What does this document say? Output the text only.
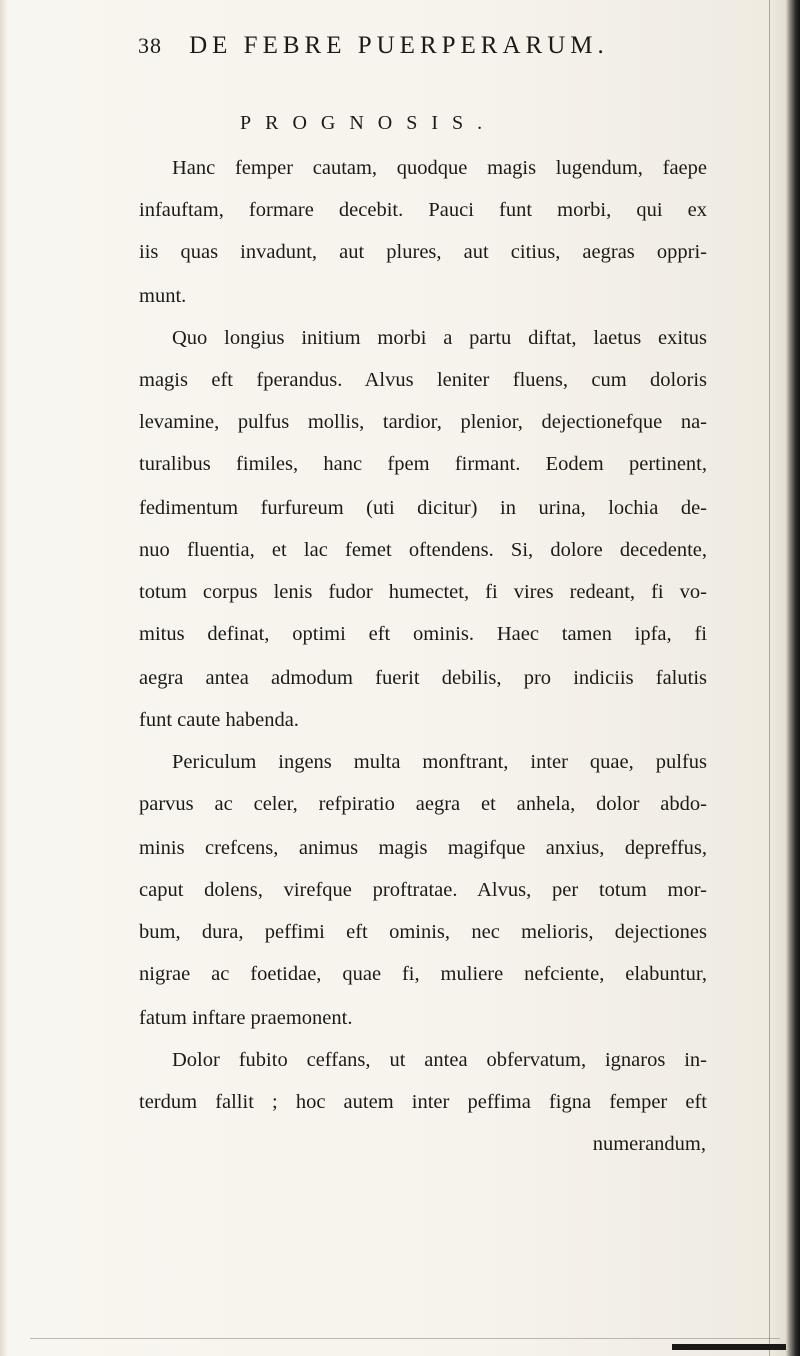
38 DE FEBRE PUERPERARUM.
PROGNOSIS.
Hanc femper cautam, quodque magis lugendum, faepe
infauftam, formare decebit. Pauci funt morbi, qui ex
iis quas invadunt, aut plures, aut citius, aegras oppri-
munt.
Quo longius initium morbi a partu diftat, laetus exitus
magis eft fperandus. Alvus leniter fluens, cum doloris
levamine, pulfus mollis, tardior, plenior, dejectionefque na-
turalibus fimiles, hanc fpem firmant. Eodem pertinent,
fedimentum furfureum (uti dicitur) in urina, lochia de-
nuo fluentia, et lac femet oftendens. Si, dolore decedente,
totum corpus lenis fudor humectet, fi vires redeant, fi vo-
mitus definat, optimi eft ominis. Haec tamen ipfa, fi
aegra antea admodum fuerit debilis, pro indiciis falutis
funt caute habenda.
Periculum ingens multa monftrant, inter quae, pulfus
parvus ac celer, refpiratio aegra et anhela, dolor abdo-
minis crefcens, animus magis magifque anxius, depreffus,
caput dolens, virefque proftratae. Alvus, per totum mor-
bum, dura, peffimi eft ominis, nec melioris, dejectiones
nigrae ac foetidae, quae fi, muliere nefciente, elabuntur,
fatum inftare praemonent.
Dolor fubito ceffans, ut antea obfervatum, ignaros in-
terdum fallit ; hoc autem inter peffima figna femper eft
numerandum,
